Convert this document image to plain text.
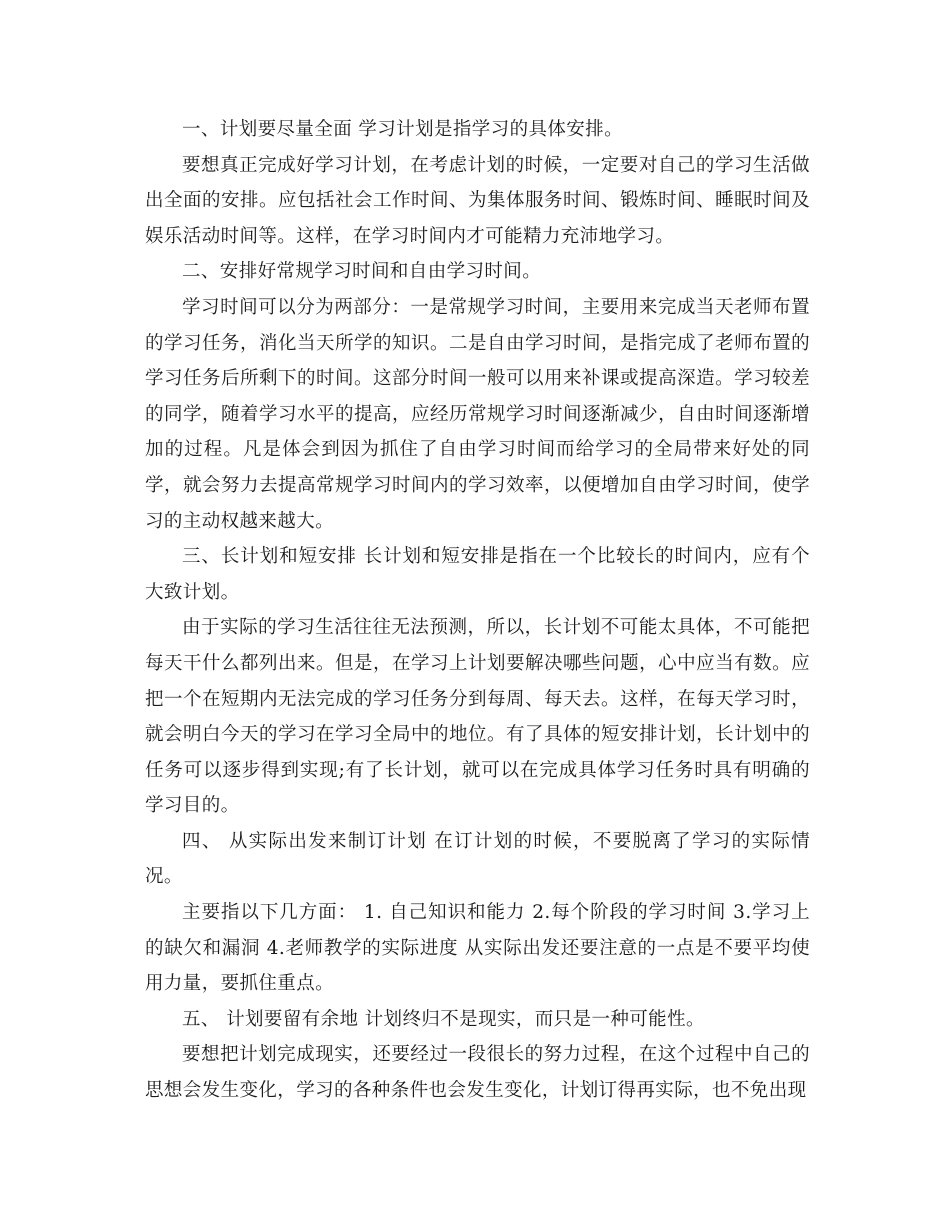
一、计划要尽量全面 学习计划是指学习的具体安排。

要想真正完成好学习计划，在考虑计划的时候，一定要对自己的学习生活做出全面的安排。应包括社会工作时间、为集体服务时间、锻炼时间、睡眠时间及娱乐活动时间等。这样，在学习时间内才可能精力充沛地学习。

二、安排好常规学习时间和自由学习时间。

学习时间可以分为两部分：一是常规学习时间，主要用来完成当天老师布置的学习任务，消化当天所学的知识。二是自由学习时间，是指完成了老师布置的学习任务后所剩下的时间。这部分时间一般可以用来补课或提高深造。学习较差的同学，随着学习水平的提高，应经历常规学习时间逐渐减少，自由时间逐渐增加的过程。凡是体会到因为抓住了自由学习时间而给学习的全局带来好处的同学，就会努力去提高常规学习时间内的学习效率，以便增加自由学习时间，使学习的主动权越来越大。

三、长计划和短安排 长计划和短安排是指在一个比较长的时间内，应有个大致计划。

由于实际的学习生活往往无法预测，所以，长计划不可能太具体，不可能把每天干什么都列出来。但是，在学习上计划要解决哪些问题，心中应当有数。应把一个在短期内无法完成的学习任务分到每周、每天去。这样，在每天学习时，就会明白今天的学习在学习全局中的地位。有了具体的短安排计划，长计划中的任务可以逐步得到实现;有了长计划，就可以在完成具体学习任务时具有明确的学习目的。

四、 从实际出发来制订计划 在订计划的时候，不要脱离了学习的实际情况。

主要指以下几方面： 1. 自己知识和能力 2.每个阶段的学习时间 3.学习上的缺欠和漏洞 4.老师教学的实际进度 从实际出发还要注意的一点是不要平均使用力量，要抓住重点。

五、 计划要留有余地 计划终归不是现实，而只是一种可能性。

要想把计划完成现实，还要经过一段很长的努力过程，在这个过程中自己的思想会发生变化，学习的各种条件也会发生变化，计划订得再实际，也不免出现
